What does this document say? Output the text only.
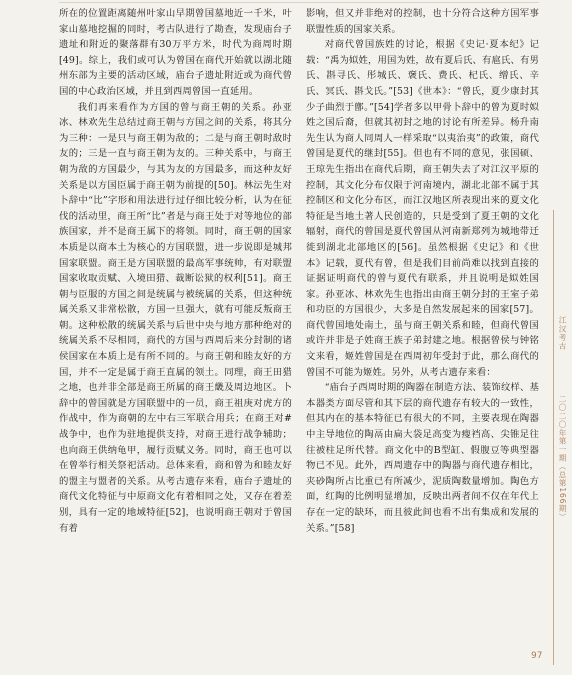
所在的位置距离随州叶家山早期曾国墓地近一千米，叶家山墓地挖掘的同时，考古队进行了勘查，发现庙台子遗址和附近的聚落群有30万平方米，时代为商周时期[49]。综上，我们或可认为曾国在商代开始就以湖北随州东部为主要的活动区域，庙台子遗址附近或为商代曾国的中心政治区域，并且到西周曾国一直延用。

我们再来看作为方国的曾与商王朝的关系。孙亚冰、林欢先生总结过商王朝与方国之间的关系，将其分为三种：一是只与商王朝为敌的；二是与商王朝时敌时友的；三是一直与商王朝为友的。三种关系中，与商王朝为敌的方国最少，与其为友的方国最多，而这种友好关系是以方国臣属于商王朝为前提的[50]。林沄先生对卜辞中“比”字形和用法进行过仔细比较分析，认为在征伐的活动里，商王所“比”者是与商王处于对等地位的部族国家，并不是商王属下的将领。同时，商王朝的国家本质是以商本土为核心的方国联盟，进一步说即是城邦国家联盟。商王是方国联盟的最高军事统帅，有对联盟国家收取贡赋、入境田猎、裁断讼狱的权利[51]。商王朝与臣服的方国之间是统属与被统属的关系，但这种统属关系又非常松散，方国一旦强大，就有可能反叛商王朝。这种松散的统属关系与后世中央与地方那种绝对的统属关系不尽相同，商代的方国与西周后来分封制的诸侯国家在本质上是有所不同的。与商王朝和睦友好的方国，并不一定是属于商王直属的领土。同理，商王田猎之地，也并非全部是商王所属的商王畿及周边地区。卜辞中的曾国就是方国联盟中的一员，商王祖庚对虎方的作战中，作为商朝的左中右三军联合用兵；在商王对#战争中，也作为驻地提供支持，对商王进行战争辅助；也向商王供纳龟甲，履行贡赋义务。同时，商王也可以在曾举行相关祭祀活动。总体来看，商和曾为和睦友好的盟主与盟者的关系。从考古遗存来看，庙台子遗址的商代文化特征与中原商文化有着相同之处，又存在着差别，具有一定的地域特征[52]，也说明商王朝对于曾国有着

影响，但又并非绝对的控制，也十分符合这种方国军事联盟性质的国家关系。

对商代曾国族姓的讨论，根据《史记·夏本纪》记载：“禹为姒姓，用国为姓，故有夏后氏、有扈氏、有男氏、斟寻氏、彤城氏、褒氏、费氏、杞氏、缯氏、辛氏、冥氏、斟戈氏。”[53]《世本》：“曾氏，夏少康封其少子曲烈于鄫。”[54]学者多以甲骨卜辞中的曾为夏时姒姓之国后裔，但就其初封之地的讨论有所差异。杨升南先生认为商人同周人一样采取“以夷治夷”的政策，商代曾国是夏代的继封[55]。但也有不同的意见，张国硕、王琼先生指出在商代后期，商王朝失去了对江汉平原的控制，其文化分布仅限于河南境内，湖北北部不属于其控制区和文化分布区，而江汉地区所表现出来的夏文化特征是当地土著人民创造的，只是受到了夏王朝的文化辐射，商代的曾国是夏代曾国从河南新郑列为城地带迁徙到湖北北部地区的[56]。虽然根据《史记》和《世本》记载，夏代有曾，但是我们目前尚难以找到直接的证据证明商代的曾与夏代有联系，并且说明是姒姓国家。孙亚冰、林欢先生也指出由商王朝分封的王室子弟和功臣的方国很少，大多是自然发展起来的国家[57]。商代曾国地处南土，虽与商王朝关系和睦，但商代曾国或许并非是子姓商王族子弟封建之地。根据曾侯与钟铭文来看，姬姓曾国是在西周初年受封于此，那么商代的曾国不可能为姬姓。另外，从考古遗存来看：

“庙台子西周时期的陶器在制造方法、装饰纹样、基本器类方面尽管和其下层的商代遗存有较大的一致性，但其内在的基本特征已有很大的不同，主要表现在陶器中主导地位的陶鬲由扁大袋足高变为瘦裆高、尖锥足往往被柱足所代替。商文化中的B型缸、假腹豆等典型器物已不见。此外，西周遗存中的陶器与商代遗存相比，夹砂陶所占比重已有所减少，泥质陶数量增加。陶色方面，红陶的比例明显增加，反映出两者间不仅在年代上存在一定的缺环，而且彼此间也看不出有集成和发展的关系。”[58]

江汉考古
二〇二〇年第一期（总第166期）
97
